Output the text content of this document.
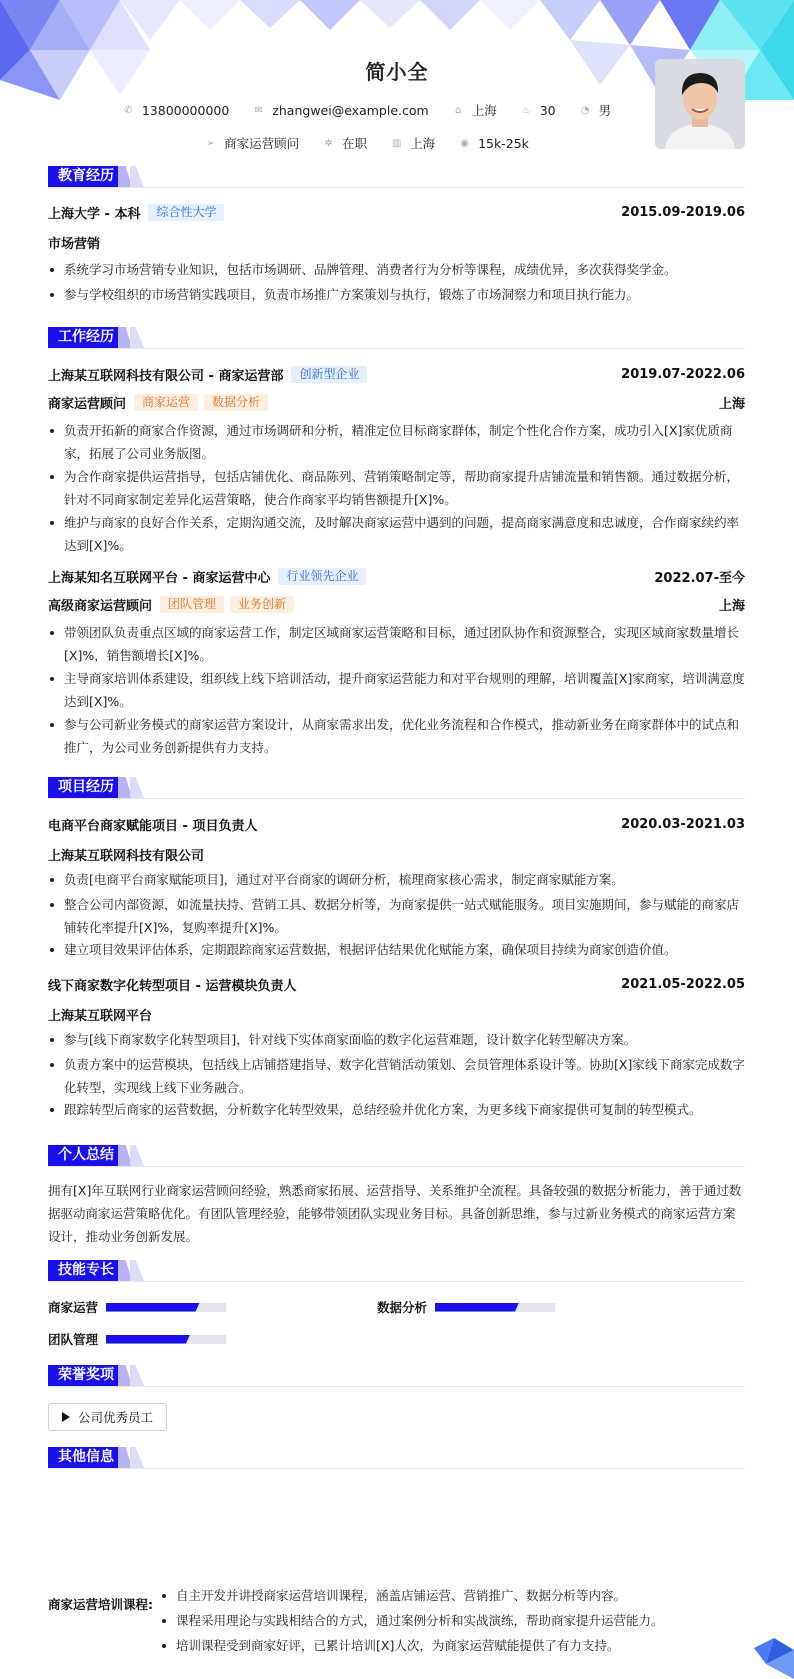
简小全
✆ 13800000000	✉ zhangwei@example.com	⌂ 上海	♨ 30	◔ 男
➢ 商家运营顾问	✲ 在职 ▥ 上海	◉ 15k-25k
教育经历
上海大学 - 本科	综合性大学	2015.09-2019.06
市场营销
系统学习市场营销专业知识，包括市场调研、品牌管理、消费者行为分析等课程，成绩优异，多次获得奖学金。
参与学校组织的市场营销实践项目，负责市场推广方案策划与执行，锻炼了市场洞察力和项目执行能力。
工作经历
上海某互联网科技有限公司 - 商家运营部	创新型企业	2019.07-2022.06
商家运营顾问	商家运营	数据分析	上海
负责开拓新的商家合作资源，通过市场调研和分析，精准定位目标商家群体，制定个性化合作方案，成功引入[X]家优质商家，拓展了公司业务版图。
为合作商家提供运营指导，包括店铺优化、商品陈列、营销策略制定等，帮助商家提升店铺流量和销售额。通过数据分析，针对不同商家制定差异化运营策略，使合作商家平均销售额提升[X]%。
维护与商家的良好合作关系，定期沟通交流，及时解决商家运营中遇到的问题，提高商家满意度和忠诚度，合作商家续约率达到[X]%。
上海某知名互联网平台 - 商家运营中心	行业领先企业	2022.07-至今
高级商家运营顾问	团队管理	业务创新	上海
带领团队负责重点区域的商家运营工作，制定区域商家运营策略和目标，通过团队协作和资源整合，实现区域商家数量增长[X]%，销售额增长[X]%。
主导商家培训体系建设，组织线上线下培训活动，提升商家运营能力和对平台规则的理解，培训覆盖[X]家商家，培训满意度达到[X]%。
参与公司新业务模式的商家运营方案设计，从商家需求出发，优化业务流程和合作模式，推动新业务在商家群体中的试点和推广，为公司业务创新提供有力支持。
项目经历
电商平台商家赋能项目 - 项目负责人	2020.03-2021.03
上海某互联网科技有限公司
负责[电商平台商家赋能项目]，通过对平台商家的调研分析，梳理商家核心需求，制定商家赋能方案。
整合公司内部资源，如流量扶持、营销工具、数据分析等，为商家提供一站式赋能服务。项目实施期间，参与赋能的商家店铺转化率提升[X]%，复购率提升[X]%。
建立项目效果评估体系，定期跟踪商家运营数据，根据评估结果优化赋能方案，确保项目持续为商家创造价值。
线下商家数字化转型项目 - 运营模块负责人	2021.05-2022.05
上海某互联网平台
参与[线下商家数字化转型项目]，针对线下实体商家面临的数字化运营难题，设计数字化转型解决方案。
负责方案中的运营模块，包括线上店铺搭建指导、数字化营销活动策划、会员管理体系设计等。协助[X]家线下商家完成数字化转型，实现线上线下业务融合。
跟踪转型后商家的运营数据，分析数字化转型效果，总结经验并优化方案，为更多线下商家提供可复制的转型模式。
个人总结
拥有[X]年互联网行业商家运营顾问经验，熟悉商家拓展、运营指导、关系维护全流程。具备较强的数据分析能力，善于通过数据驱动商家运营策略优化。有团队管理经验，能够带领团队实现业务目标。具备创新思维，参与过新业务模式的商家运营方案设计，推动业务创新发展。
技能专长
商家运营	数据分析
团队管理
荣誉奖项
公司优秀员工
其他信息
商家运营培训课程:
自主开发并讲授商家运营培训课程，涵盖店铺运营、营销推广、数据分析等内容。
课程采用理论与实践相结合的方式，通过案例分析和实战演练，帮助商家提升运营能力。
培训课程受到商家好评，已累计培训[X]人次，为商家运营赋能提供了有力支持。
